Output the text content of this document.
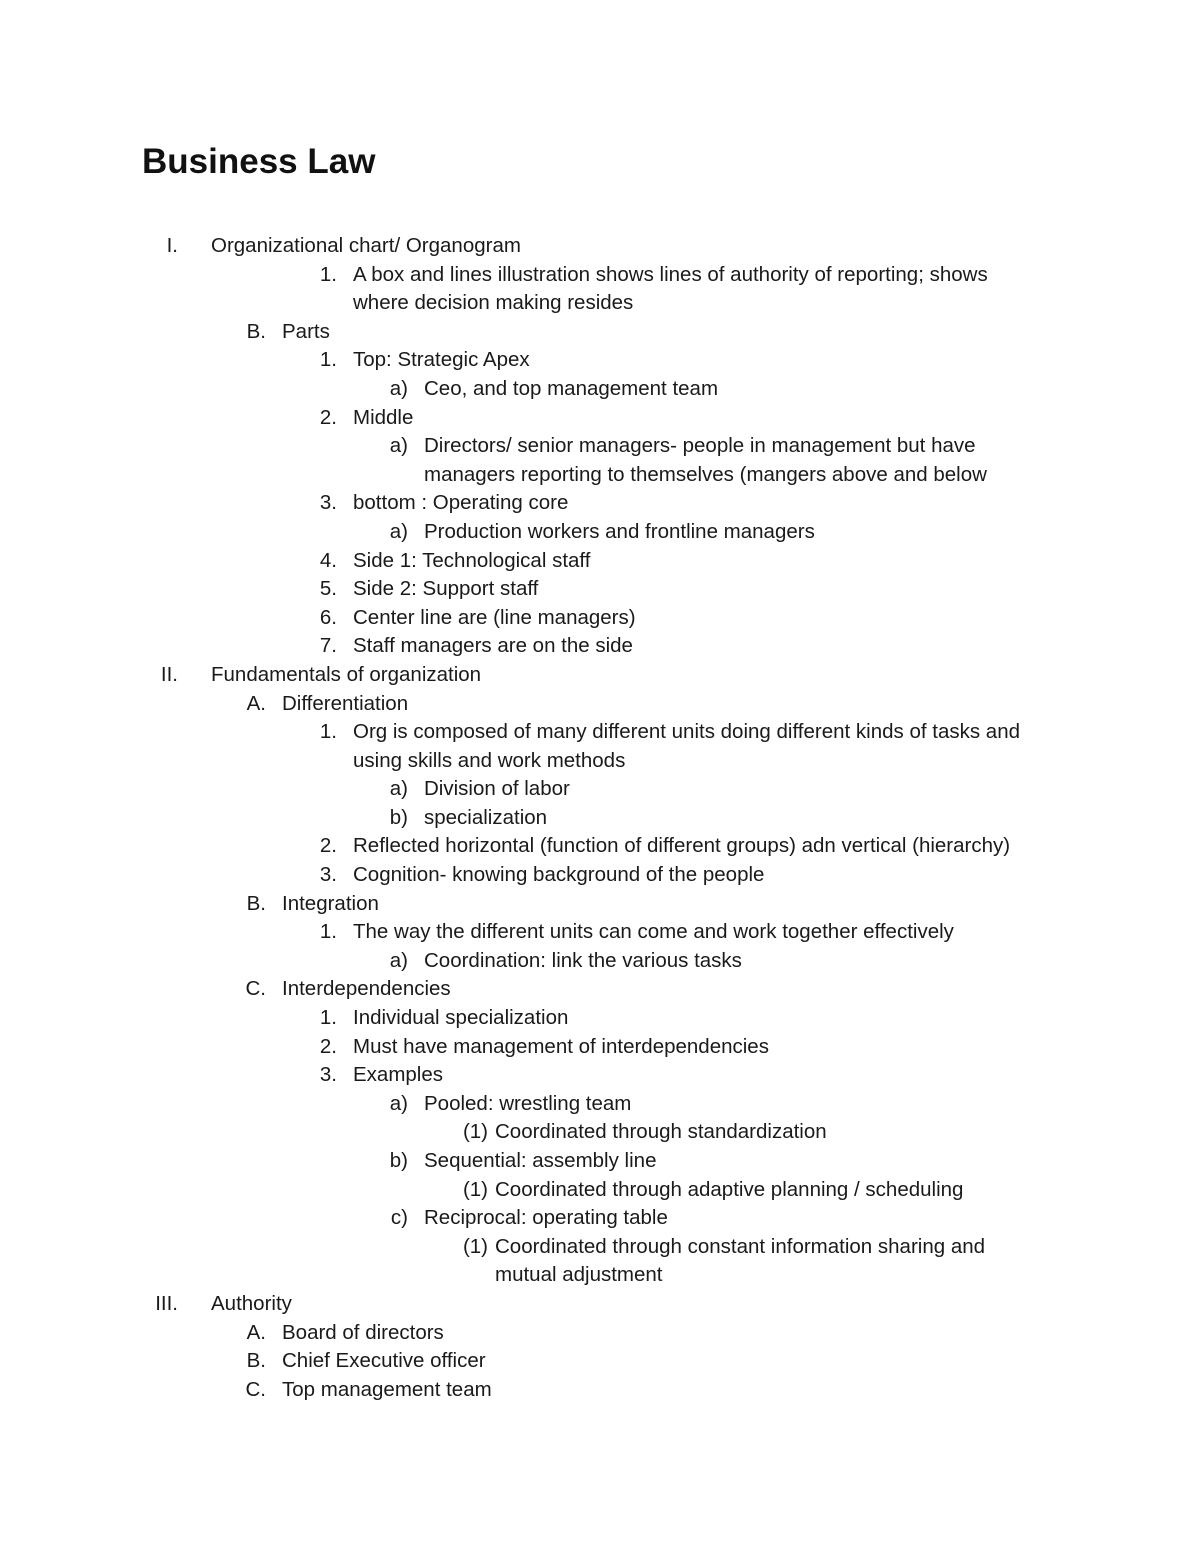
Business Law
I. Organizational chart/ Organogram
1. A box and lines illustration shows lines of authority of reporting; shows
where decision making resides
B. Parts
1. Top: Strategic Apex
a) Ceo, and top management team
2. Middle
a) Directors/ senior managers- people in management but have
managers reporting to themselves (mangers above and below
3. bottom : Operating core
a) Production workers and frontline managers
4. Side 1: Technological staff
5. Side 2: Support staff
6. Center line are (line managers)
7. Staff managers are on the side
II. Fundamentals of organization
A. Differentiation
1. Org is composed of many different units doing different kinds of tasks and
using skills and work methods
a) Division of labor
b) specialization
2. Reflected horizontal (function of different groups) adn vertical (hierarchy)
3. Cognition- knowing background of the people
B. Integration
1. The way the different units can come and work together effectively
a) Coordination: link the various tasks
C. Interdependencies
1. Individual specialization
2. Must have management of interdependencies
3. Examples
a) Pooled: wrestling team
(1) Coordinated through standardization
b) Sequential: assembly line
(1) Coordinated through adaptive planning / scheduling
c) Reciprocal: operating table
(1) Coordinated through constant information sharing and
mutual adjustment
III. Authority
A. Board of directors
B. Chief Executive officer
C. Top management team
